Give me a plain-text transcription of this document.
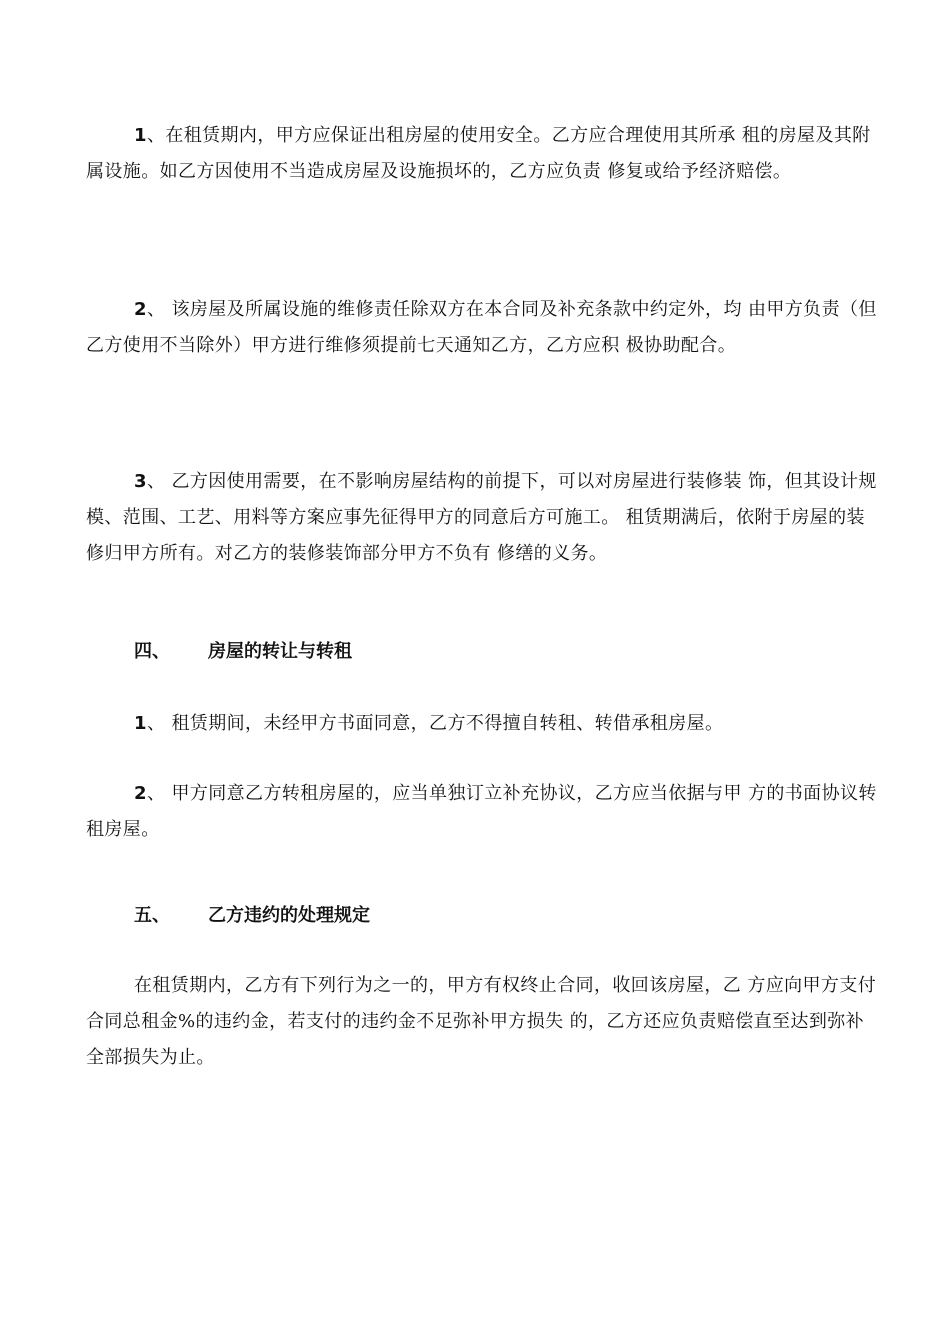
1、在租赁期内，甲方应保证出租房屋的使用安全。乙方应合理使用其所承 租的房屋及其附属设施。如乙方因使用不当造成房屋及设施损坏的，乙方应负责 修复或给予经济赔偿。

2、 该房屋及所属设施的维修责任除双方在本合同及补充条款中约定外，均 由甲方负责（但乙方使用不当除外）甲方进行维修须提前七天通知乙方，乙方应积 极协助配合。

3、 乙方因使用需要，在不影响房屋结构的前提下，可以对房屋进行装修装 饰，但其设计规模、范围、工艺、用料等方案应事先征得甲方的同意后方可施工。 租赁期满后，依附于房屋的装修归甲方所有。对乙方的装修装饰部分甲方不负有 修缮的义务。

四、 房屋的转让与转租

1、 租赁期间，未经甲方书面同意，乙方不得擅自转租、转借承租房屋。

2、 甲方同意乙方转租房屋的，应当单独订立补充协议，乙方应当依据与甲 方的书面协议转租房屋。

五、 乙方违约的处理规定

在租赁期内，乙方有下列行为之一的，甲方有权终止合同，收回该房屋，乙 方应向甲方支付合同总租金%的违约金，若支付的违约金不足弥补甲方损失 的，乙方还应负责赔偿直至达到弥补全部损失为止。
